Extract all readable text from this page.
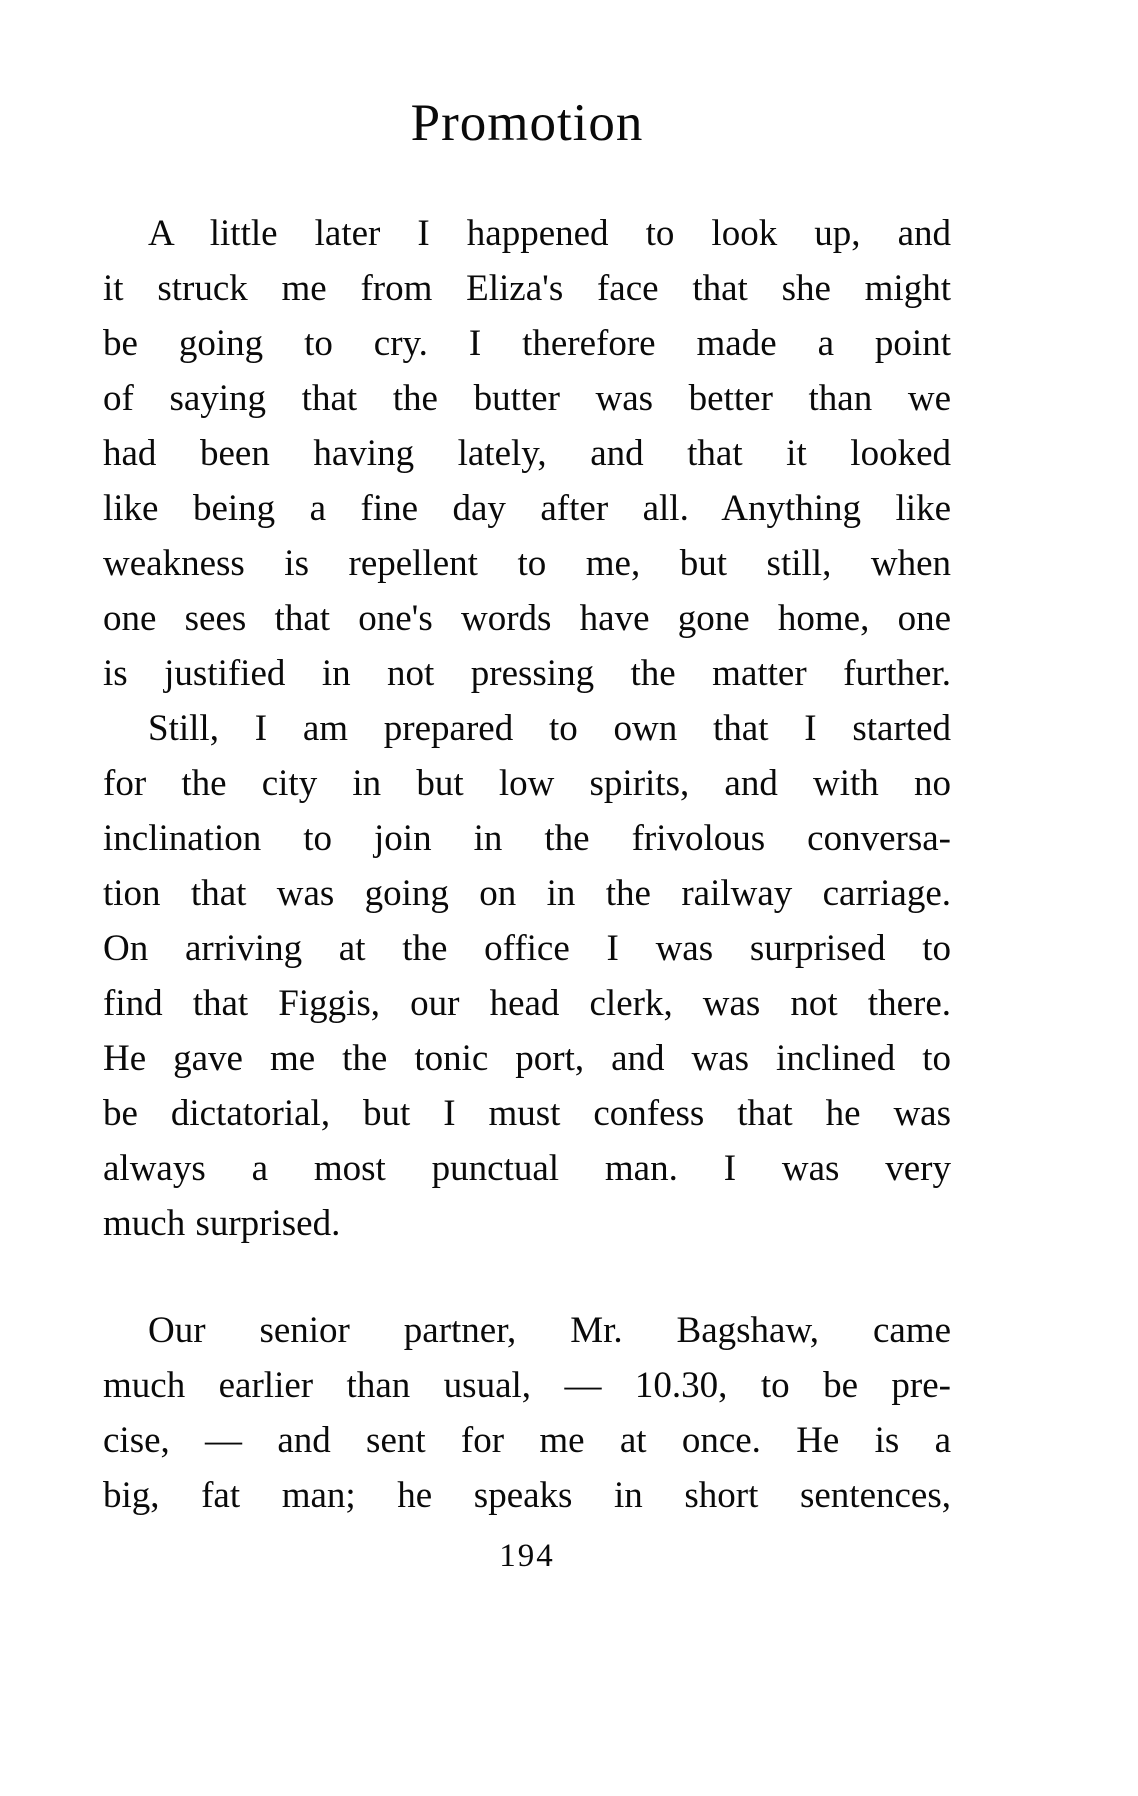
Promotion
A little later I happened to look up, and
it struck me from Eliza's face that she might
be going to cry. I therefore made a point
of saying that the butter was better than we
had been having lately, and that it looked
like being a fine day after all. Anything like
weakness is repellent to me, but still, when
one sees that one's words have gone home, one
is justified in not pressing the matter further.
Still, I am prepared to own that I started
for the city in but low spirits, and with no
inclination to join in the frivolous conversa-
tion that was going on in the railway carriage.
On arriving at the office I was surprised to
find that Figgis, our head clerk, was not there.
He gave me the tonic port, and was inclined to
be dictatorial, but I must confess that he was
always a most punctual man. I was very
much surprised.
Our senior partner, Mr. Bagshaw, came
much earlier than usual, — 10.30, to be pre-
cise, — and sent for me at once. He is a
big, fat man; he speaks in short sentences,
194
